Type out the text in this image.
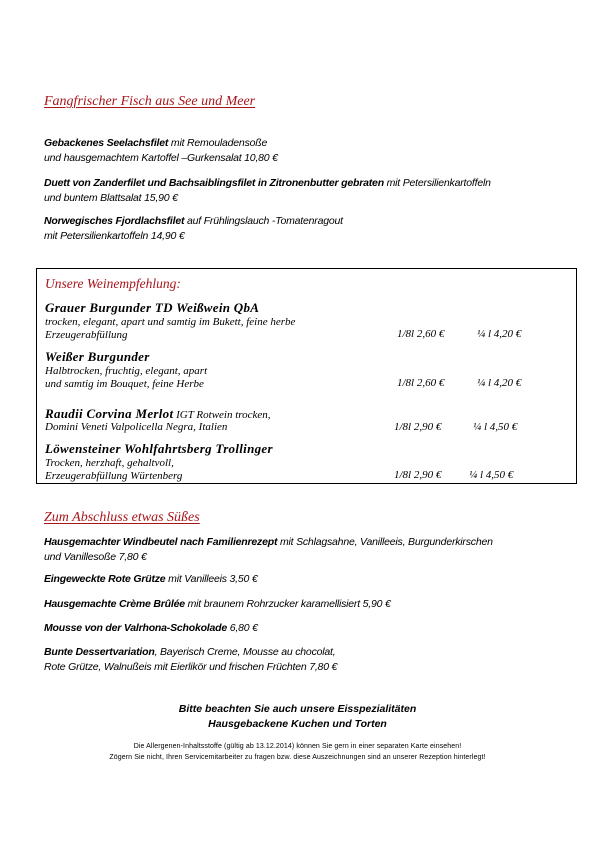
Fangfrischer Fisch aus See und Meer
Gebackenes Seelachsfilet mit Remouladensoße
und hausgemachtem Kartoffel –Gurkensalat 10,80 €
Duett von Zanderfilet und Bachsaiblingsfilet in Zitronenbutter gebraten mit Petersilienkartoffeln
und buntem Blattsalat 15,90 €
Norwegisches Fjordlachsfilet auf Frühlingslauch -Tomatenragout
mit Petersilienkartoffeln 14,90 €
Unsere Weinempfehlung:
Grauer Burgunder TD Weißwein QbA
trocken, elegant, apart und samtig im Bukett, feine herbe
Erzeugerabfüllung	1/8l 2,60 €	¼ l 4,20 €
Weißer Burgunder
Halbtrocken, fruchtig, elegant, apart
und samtig im Bouquet, feine Herbe	1/8l 2,60 €	¼ l 4,20 €
Raudii Corvina Merlot IGT Rotwein trocken,
Domini Veneti Valpolicella Negra, Italien	1/8l 2,90 €	¼ l 4,50 €
Löwensteiner Wohlfahrtsberg Trollinger
Trocken, herzhaft, gehaltvoll,
Erzeugerabfüllung Würtenberg	1/8l 2,90 €	¼ l 4,50 €
Zum Abschluss etwas Süßes
Hausgemachter Windbeutel nach Familienrezept mit Schlagsahne, Vanilleeis, Burgunderkirschen
und Vanillesoße 7,80 €
Eingeweckte Rote Grütze mit Vanilleeis 3,50 €
Hausgemachte Crème Brûlée mit braunem Rohrzucker karamellisiert 5,90 €
Mousse von der Valrhona-Schokolade 6,80 €
Bunte Dessertvariation, Bayerisch Creme, Mousse au chocolat,
Rote Grütze, Walnußeis mit Eierlikör und frischen Früchten 7,80 €
Bitte beachten Sie auch unsere Eisspezialitäten
Hausgebackene Kuchen und Torten
Die Allergenen-Inhaltsstoffe (gültig ab 13.12.2014) können Sie gern in einer separaten Karte einsehen!
Zögern Sie nicht, Ihren Servicemitarbeiter zu fragen bzw. diese Auszeichnungen sind an unserer Rezeption hinterlegt!
